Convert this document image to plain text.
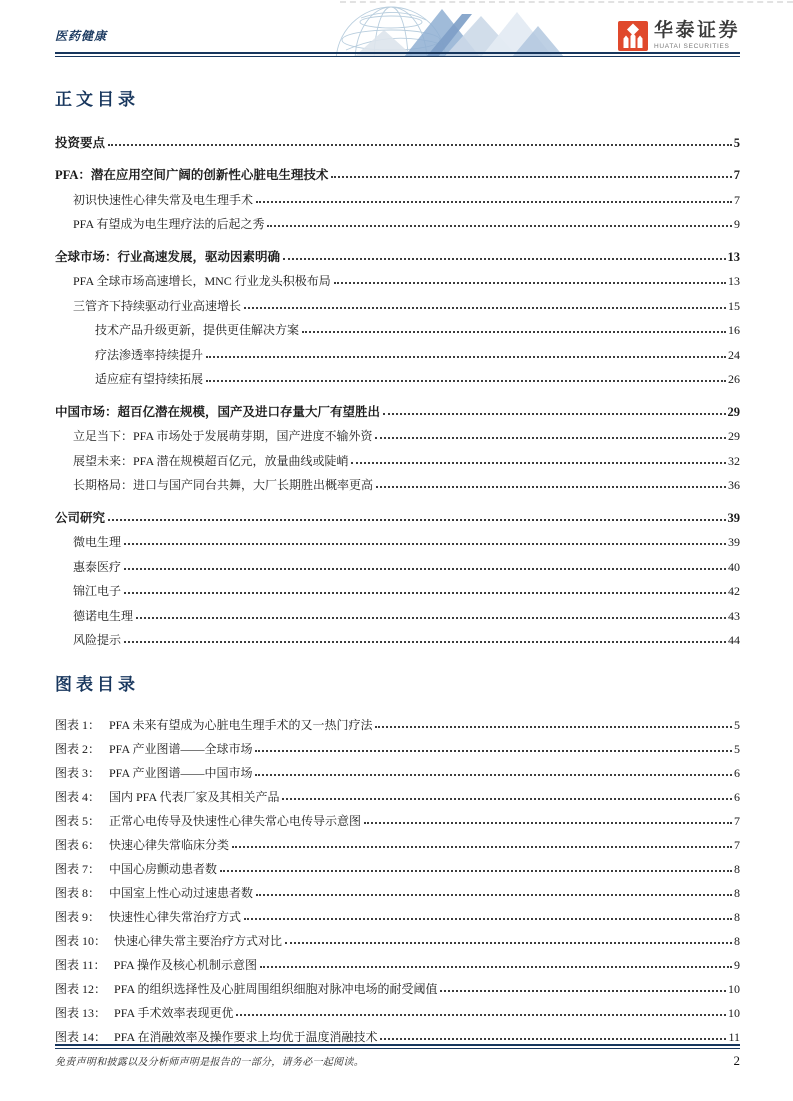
医药健康	华泰证券
HUATAI SECURITIES
正文目录
投资要点	5
PFA：潜在应用空间广阔的创新性心脏电生理技术	7
初识快速性心律失常及电生理手术	7
PFA 有望成为电生理疗法的后起之秀	9
全球市场：行业高速发展，驱动因素明确	13
PFA 全球市场高速增长，MNC 行业龙头积极布局	13
三管齐下持续驱动行业高速增长	15
技术产品升级更新，提供更佳解决方案	16
疗法渗透率持续提升	24
适应症有望持续拓展	26
中国市场：超百亿潜在规模，国产及进口存量大厂有望胜出	29
立足当下：PFA 市场处于发展萌芽期，国产进度不输外资	29
展望未来：PFA 潜在规模超百亿元，放量曲线或陡峭	32
长期格局：进口与国产同台共舞，大厂长期胜出概率更高	36
公司研究	39
微电生理	39
惠泰医疗	40
锦江电子	42
德诺电生理	43
风险提示	44
图表目录
图表 1： PFA 未来有望成为心脏电生理手术的又一热门疗法	5
图表 2： PFA 产业图谱——全球市场	5
图表 3： PFA 产业图谱——中国市场	6
图表 4： 国内 PFA 代表厂家及其相关产品	6
图表 5： 正常心电传导及快速性心律失常心电传导示意图	7
图表 6： 快速心律失常临床分类	7
图表 7： 中国心房颤动患者数	8
图表 8： 中国室上性心动过速患者数	8
图表 9： 快速性心律失常治疗方式	8
图表 10： 快速心律失常主要治疗方式对比	8
图表 11： PFA 操作及核心机制示意图	9
图表 12： PFA 的组织选择性及心脏周围组织细胞对脉冲电场的耐受阈值	10
图表 13： PFA 手术效率表现更优	10
图表 14： PFA 在消融效率及操作要求上均优于温度消融技术	11
免责声明和披露以及分析师声明是报告的一部分，请务必一起阅读。	2
